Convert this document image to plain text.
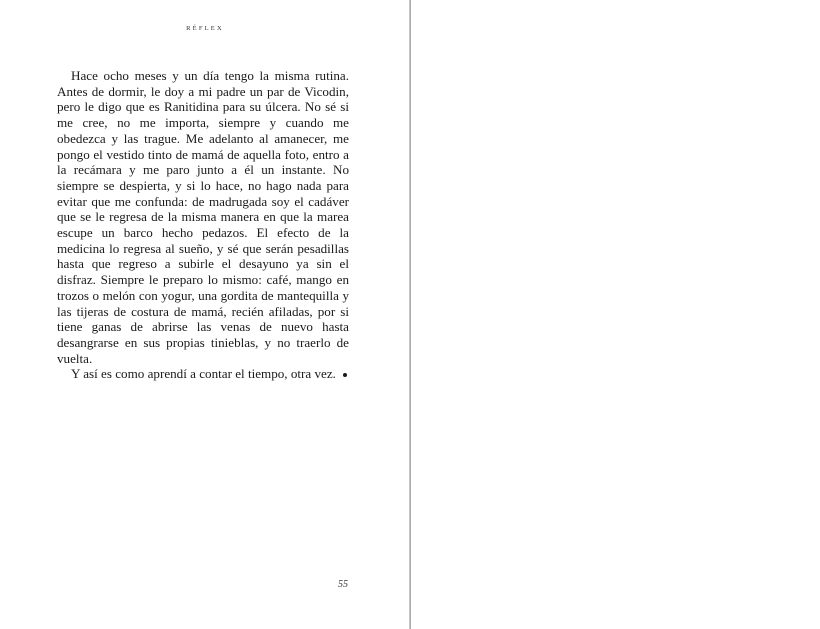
RÉFLEX

Hace ocho meses y un día tengo la misma rutina. Antes de dormir, le doy a mi padre un par de Vicodin, pero le digo que es Ranitidina para su úlcera. No sé si me cree, no me importa, siempre y cuando me obedezca y las trague. Me adelanto al amanecer, me pongo el vestido tinto de mamá de aquella foto, entro a la recámara y me paro junto a él un instante. No siempre se despierta, y si lo hace, no hago nada para evitar que me confunda: de madrugada soy el cadáver que se le regresa de la misma manera en que la marea escupe un barco hecho pedazos. El efecto de la medicina lo regresa al sueño, y sé que serán pesadillas hasta que regreso a subirle el desayuno ya sin el disfraz. Siempre le preparo lo mismo: café, mango en trozos o melón con yogur, una gordita de mantequilla y las tijeras de costura de mamá, recién afiladas, por si tiene ganas de abrirse las venas de nuevo hasta desangrarse en sus propias tinieblas, y no traerlo de vuelta.

Y así es como aprendí a contar el tiempo, otra vez.

55
